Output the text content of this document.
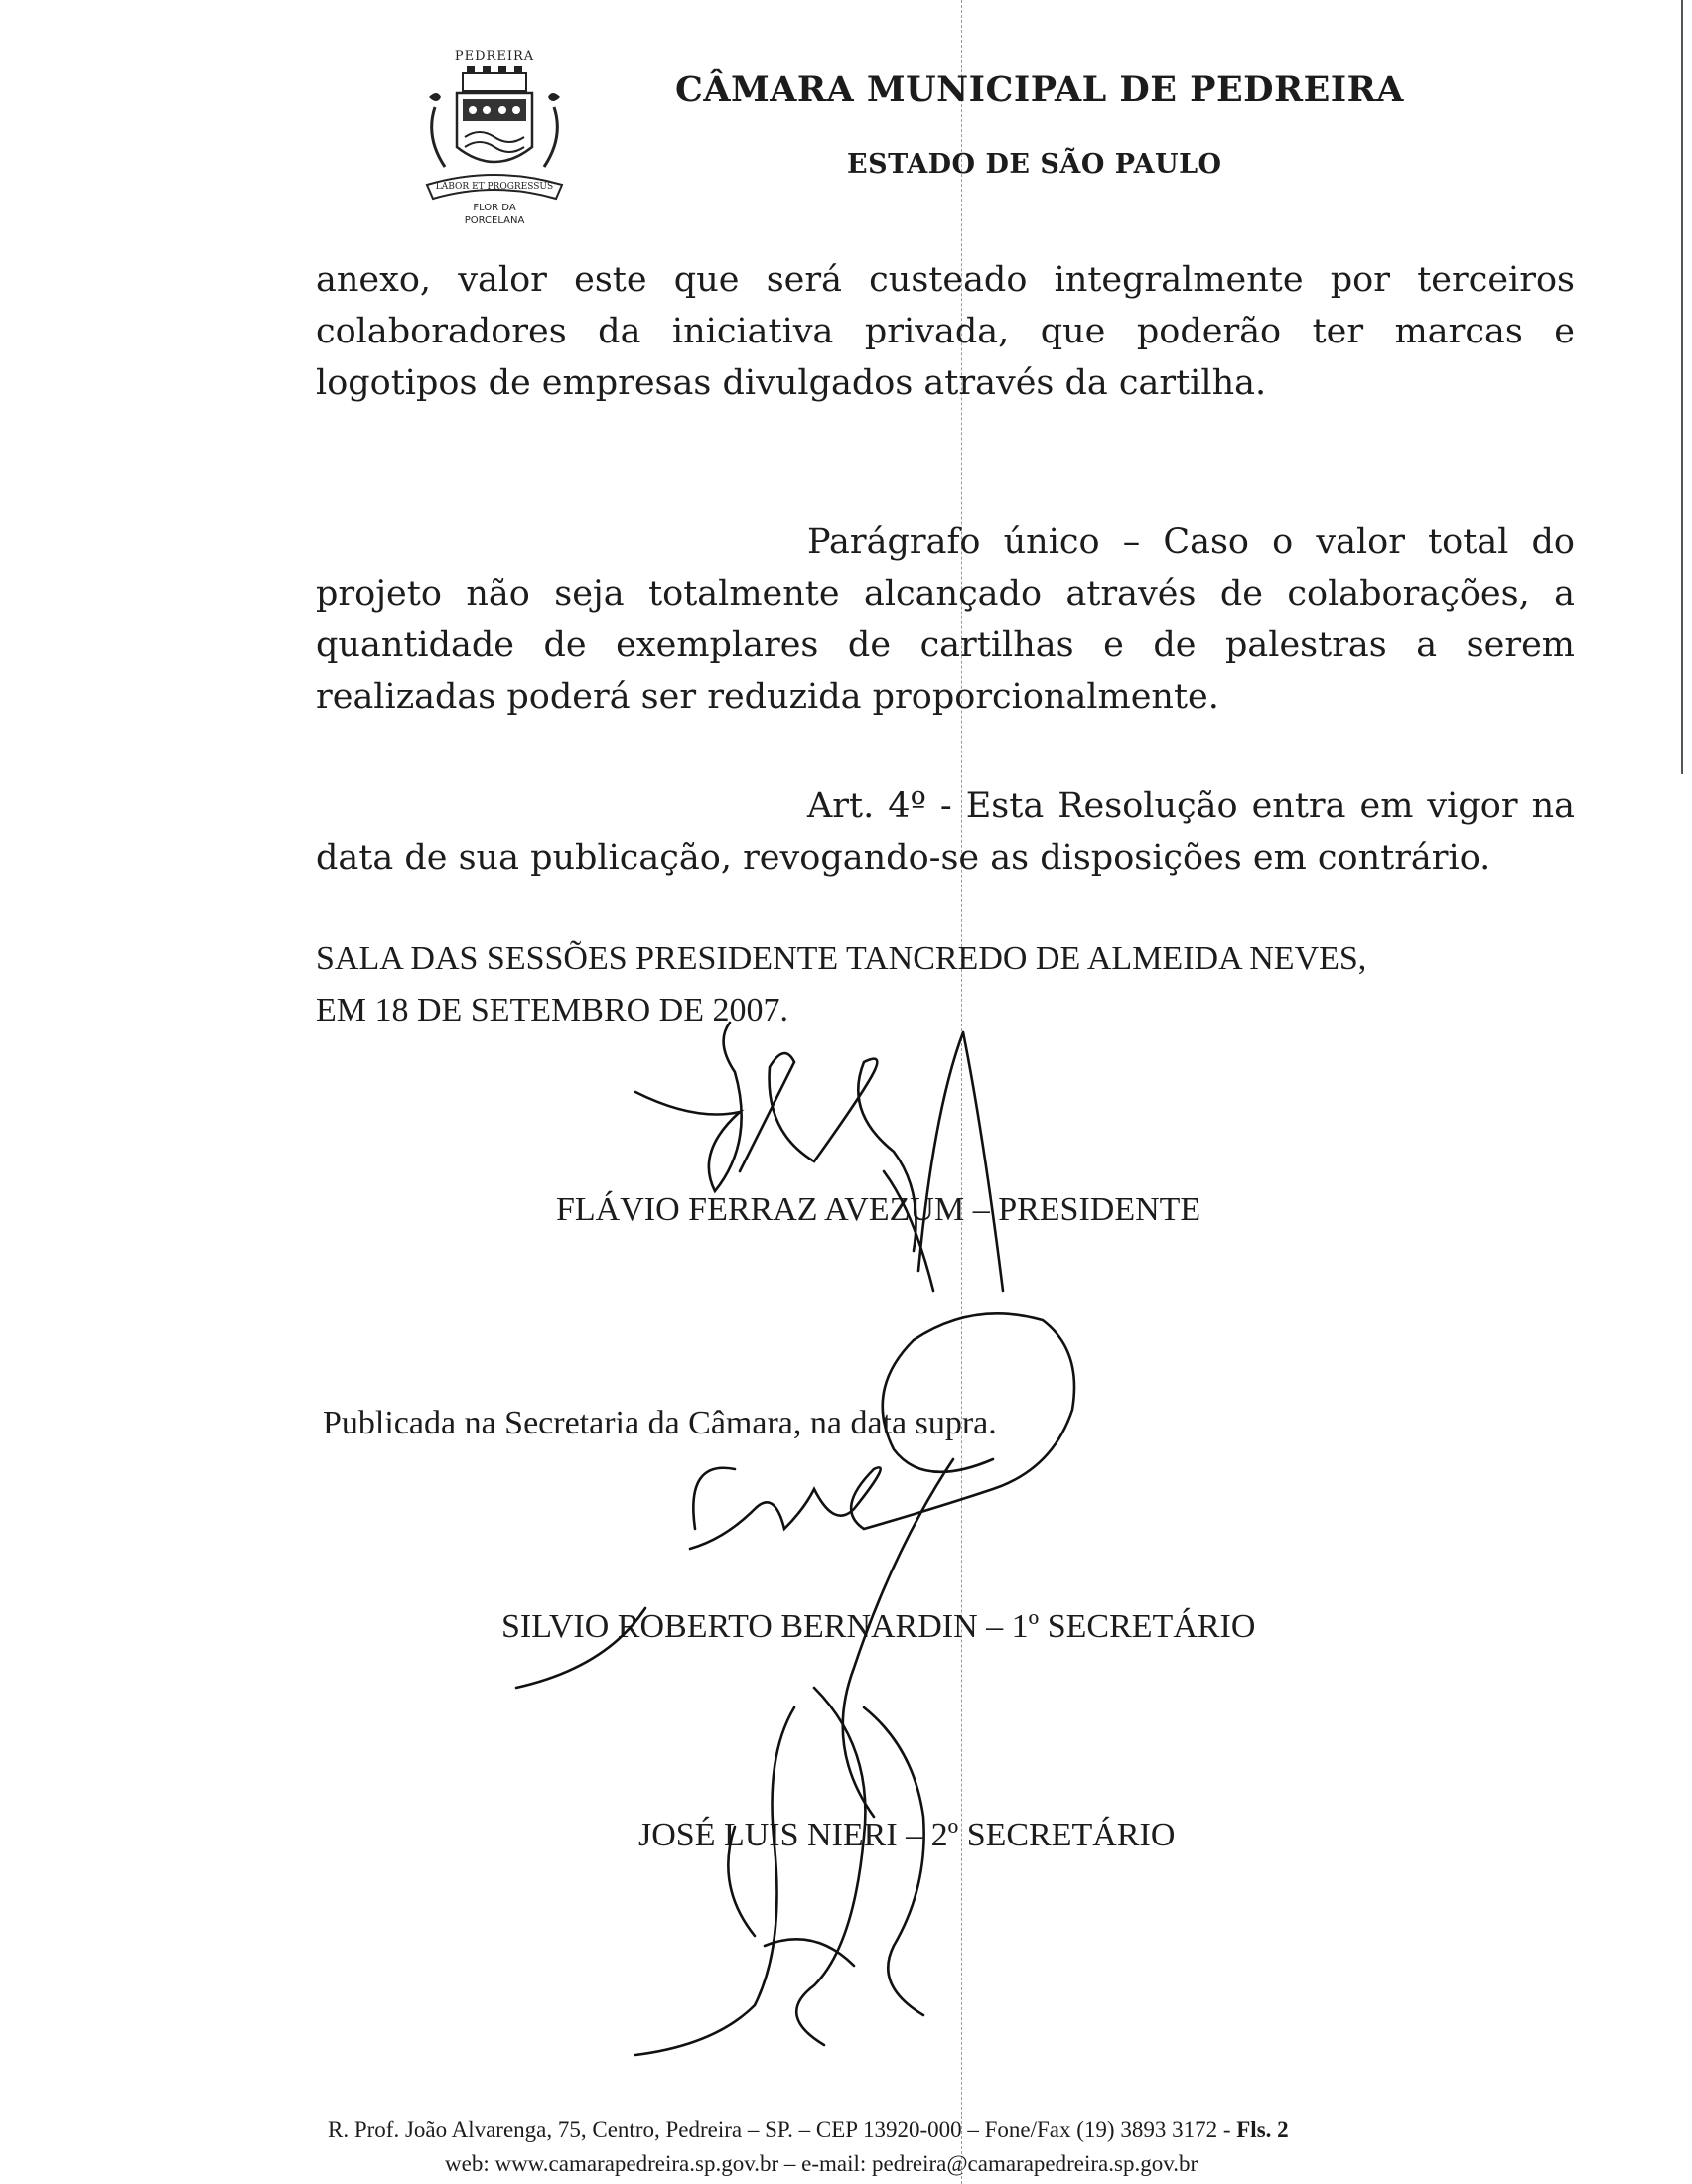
PEDREIRA
LABOR ET PROGRESSUS
FLOR DA
PORCELANA
CÂMARA MUNICIPAL DE PEDREIRA
ESTADO DE SÃO PAULO
anexo, valor este que será custeado integralmente por terceiros colaboradores da iniciativa privada, que poderão ter marcas e logotipos de empresas divulgados através da cartilha.
Parágrafo único – Caso o valor total do projeto não seja totalmente alcançado através de colaborações, a quantidade de exemplares de cartilhas e de palestras a serem realizadas poderá ser reduzida proporcionalmente.
Art. 4º - Esta Resolução entra em vigor na data de sua publicação, revogando-se as disposições em contrário.
SALA DAS SESSÕES PRESIDENTE TANCREDO DE ALMEIDA NEVES,
EM 18 DE SETEMBRO DE 2007.
FLÁVIO FERRAZ AVEZUM – PRESIDENTE
Publicada na Secretaria da Câmara, na data supra.
SILVIO ROBERTO BERNARDIN – 1º SECRETÁRIO
JOSÉ LUIS NIERI – 2º SECRETÁRIO
R. Prof. João Alvarenga, 75, Centro, Pedreira – SP. – CEP 13920-000 – Fone/Fax (19) 3893 3172 - Fls. 2
web: www.camarapedreira.sp.gov.br – e-mail: pedreira@camarapedreira.sp.gov.br
